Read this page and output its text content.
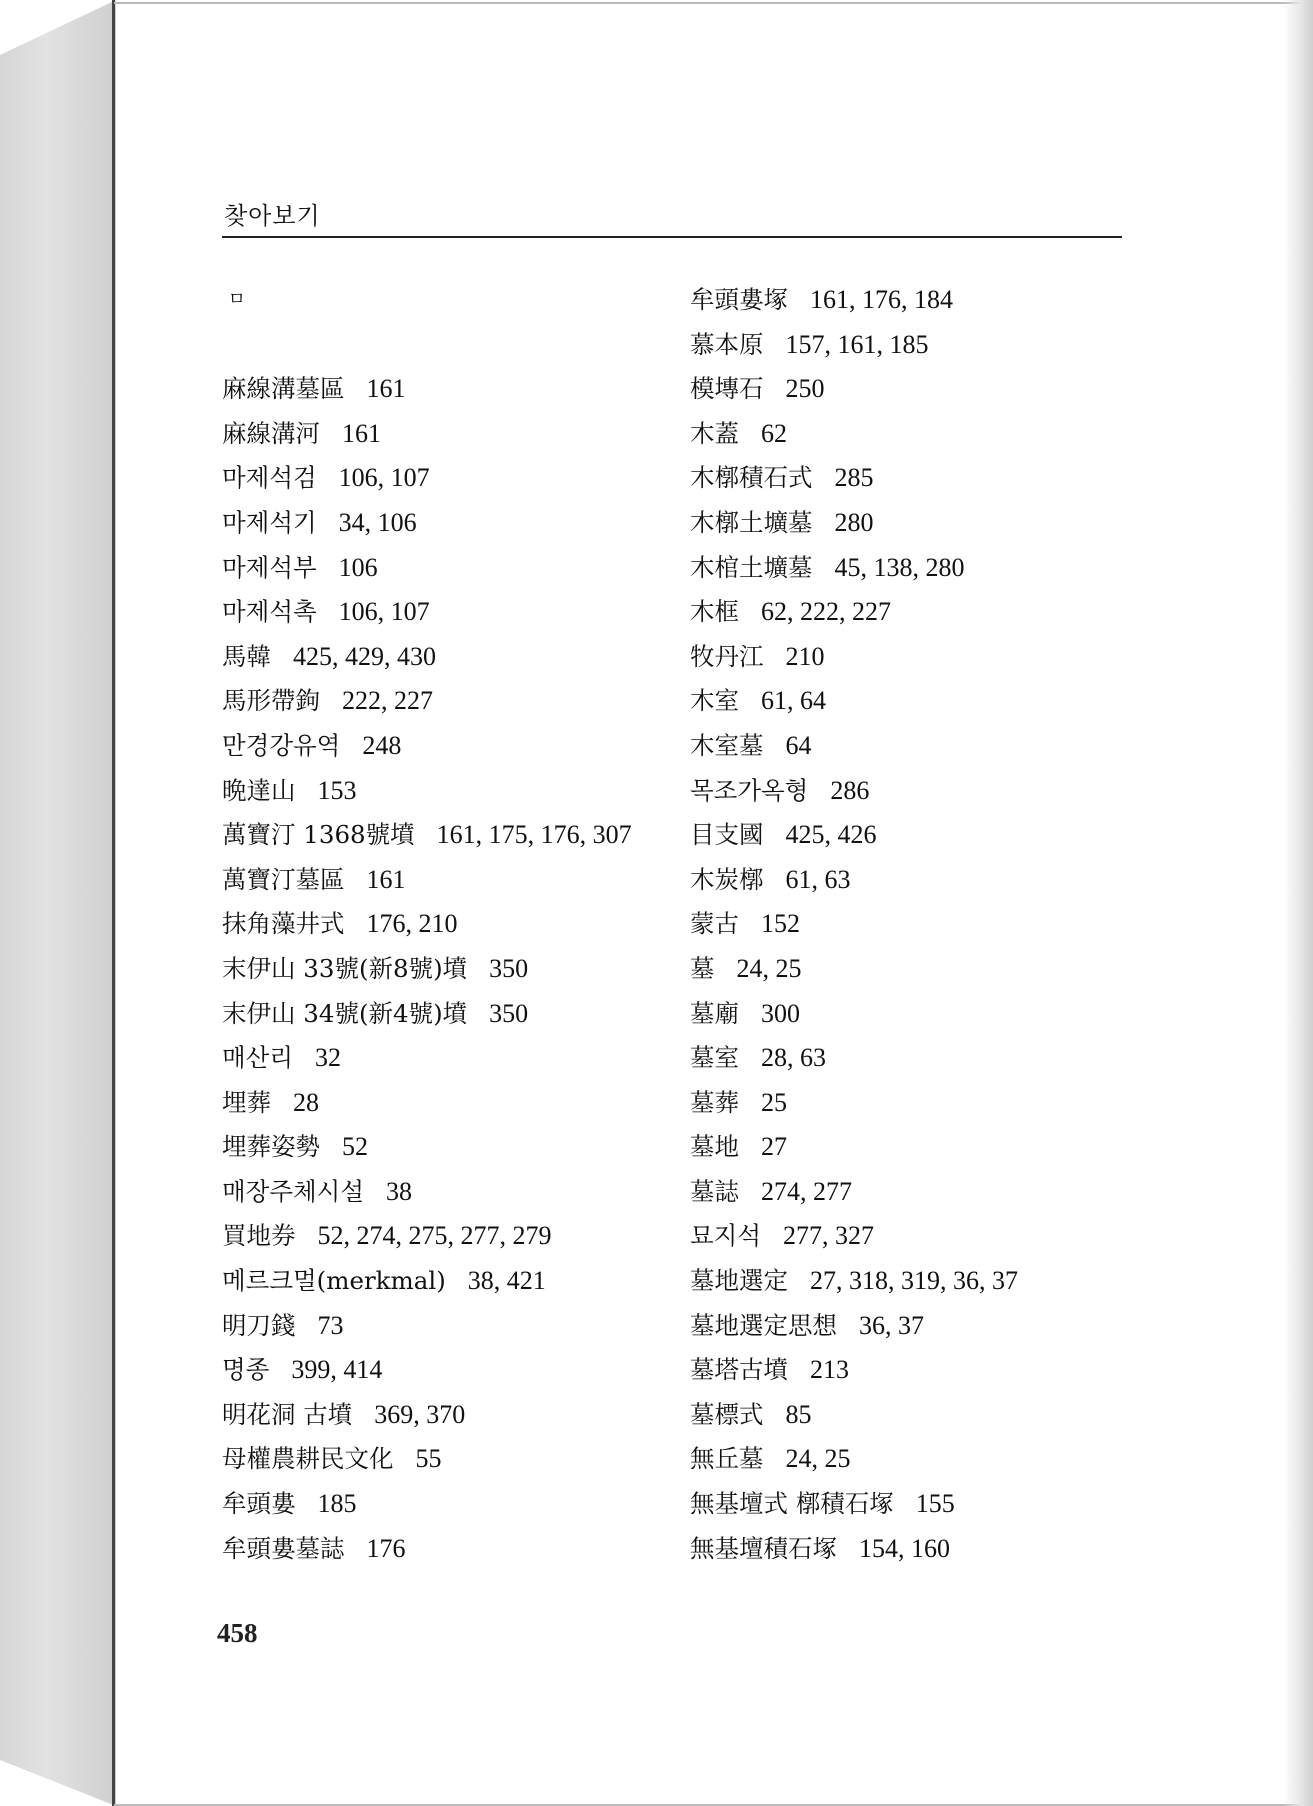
찾아보기
ㅁ
麻線溝墓區 161
麻線溝河 161
마제석검 106, 107
마제석기 34, 106
마제석부 106
마제석촉 106, 107
馬韓 425, 429, 430
馬形帶鉤 222, 227
만경강유역 248
晩達山 153
萬寶汀 1368號墳 161, 175, 176, 307
萬寶汀墓區 161
抹角藻井式 176, 210
末伊山 33號(新8號)墳 350
末伊山 34號(新4號)墳 350
매산리 32
埋葬 28
埋葬姿勢 52
매장주체시설 38
買地券 52, 274, 275, 277, 279
메르크멀(merkmal) 38, 421
明刀錢 73
명종 399, 414
明花洞 古墳 369, 370
母權農耕民文化 55
牟頭婁 185
牟頭婁墓誌 176
牟頭婁塚 161, 176, 184
慕本原 157, 161, 185
模塼石 250
木蓋 62
木槨積石式 285
木槨土壙墓 280
木棺土壙墓 45, 138, 280
木框 62, 222, 227
牧丹江 210
木室 61, 64
木室墓 64
목조가옥형 286
目支國 425, 426
木炭槨 61, 63
蒙古 152
墓 24, 25
墓廟 300
墓室 28, 63
墓葬 25
墓地 27
墓誌 274, 277
묘지석 277, 327
墓地選定 27, 318, 319, 36, 37
墓地選定思想 36, 37
墓塔古墳 213
墓標式 85
無丘墓 24, 25
無基壇式 槨積石塚 155
無基壇積石塚 154, 160
458
